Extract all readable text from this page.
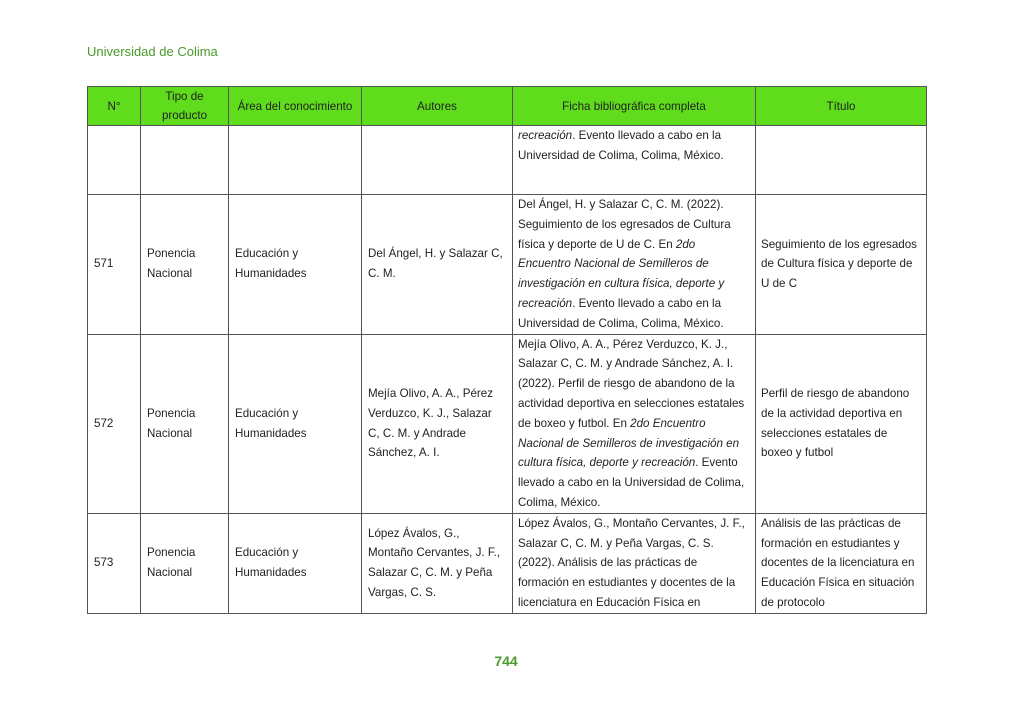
Universidad de Colima
N°	Tipo de producto	Área del conocimiento	Autores	Ficha bibliográfica completa	Título
				recreación. Evento llevado a cabo en la Universidad de Colima, Colima, México.	
571	Ponencia Nacional	Educación y Humanidades	Del Ángel, H. y Salazar C, C. M.	Del Ángel, H. y Salazar C, C. M. (2022). Seguimiento de los egresados de Cultura física y deporte de U de C. En 2do Encuentro Nacional de Semilleros de investigación en cultura física, deporte y recreación. Evento llevado a cabo en la Universidad de Colima, Colima, México.	Seguimiento de los egresados de Cultura física y deporte de U de C
572	Ponencia Nacional	Educación y Humanidades	Mejía Olivo, A. A., Pérez Verduzco, K. J., Salazar C, C. M. y Andrade Sánchez, A. I.	Mejía Olivo, A. A., Pérez Verduzco, K. J., Salazar C, C. M. y Andrade Sánchez, A. I. (2022). Perfil de riesgo de abandono de la actividad deportiva en selecciones estatales de boxeo y futbol. En 2do Encuentro Nacional de Semilleros de investigación en cultura física, deporte y recreación. Evento llevado a cabo en la Universidad de Colima, Colima, México.	Perfil de riesgo de abandono de la actividad deportiva en selecciones estatales de boxeo y futbol
573	Ponencia Nacional	Educación y Humanidades	López Ávalos, G., Montaño Cervantes, J. F., Salazar C, C. M. y Peña Vargas, C. S.	López Ávalos, G., Montaño Cervantes, J. F., Salazar C, C. M. y Peña Vargas, C. S. (2022). Análisis de las prácticas de formación en estudiantes y docentes de la licenciatura en Educación Física en	Análisis de las prácticas de formación en estudiantes y docentes de la licenciatura en Educación Física en situación de protocolo
744
